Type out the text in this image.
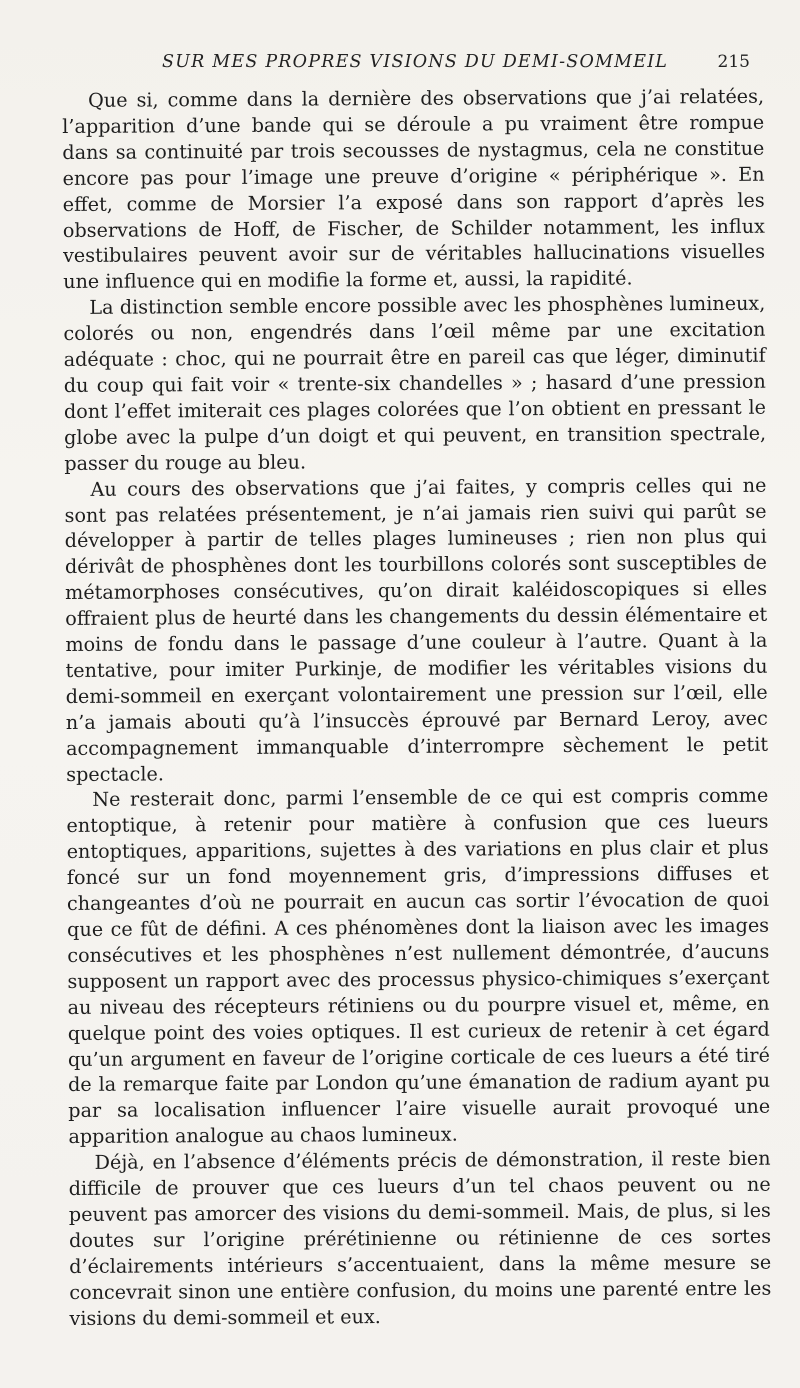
SUR MES PROPRES VISIONS DU DEMI-SOMMEIL	215

Que si, comme dans la dernière des observations que j’ai relatées, l’apparition d’une bande qui se déroule a pu vraiment être rompue dans sa continuité par trois secousses de nystagmus, cela ne constitue encore pas pour l’image une preuve d’origine « périphérique ». En effet, comme de Morsier l’a exposé dans son rapport d’après les observations de Hoff, de Fischer, de Schilder notamment, les influx vestibulaires peuvent avoir sur de véritables hallucinations visuelles une influence qui en modifie la forme et, aussi, la rapidité.

La distinction semble encore possible avec les phosphènes lumineux, colorés ou non, engendrés dans l’œil même par une excitation adéquate : choc, qui ne pourrait être en pareil cas que léger, diminutif du coup qui fait voir « trente-six chandelles » ; hasard d’une pression dont l’effet imiterait ces plages colorées que l’on obtient en pressant le globe avec la pulpe d’un doigt et qui peuvent, en transition spectrale, passer du rouge au bleu.

Au cours des observations que j’ai faites, y compris celles qui ne sont pas relatées présentement, je n’ai jamais rien suivi qui parût se développer à partir de telles plages lumineuses ; rien non plus qui dérivât de phosphènes dont les tourbillons colorés sont susceptibles de métamorphoses consécutives, qu’on dirait kaléidoscopiques si elles offraient plus de heurté dans les changements du dessin élémentaire et moins de fondu dans le passage d’une couleur à l’autre. Quant à la tentative, pour imiter Purkinje, de modifier les véritables visions du demi-sommeil en exerçant volontairement une pression sur l’œil, elle n’a jamais abouti qu’à l’insuccès éprouvé par Bernard Leroy, avec accompagnement immanquable d’interrompre sèchement le petit spectacle.

Ne resterait donc, parmi l’ensemble de ce qui est compris comme entoptique, à retenir pour matière à confusion que ces lueurs entoptiques, apparitions, sujettes à des variations en plus clair et plus foncé sur un fond moyennement gris, d’impressions diffuses et changeantes d’où ne pourrait en aucun cas sortir l’évocation de quoi que ce fût de défini. A ces phénomènes dont la liaison avec les images consécutives et les phosphènes n’est nullement démontrée, d’aucuns supposent un rapport avec des processus physico-chimiques s’exerçant au niveau des récepteurs rétiniens ou du pourpre visuel et, même, en quelque point des voies optiques. Il est curieux de retenir à cet égard qu’un argument en faveur de l’origine corticale de ces lueurs a été tiré de la remarque faite par London qu’une émanation de radium ayant pu par sa localisation influencer l’aire visuelle aurait provoqué une apparition analogue au chaos lumineux.

Déjà, en l’absence d’éléments précis de démonstration, il reste bien difficile de prouver que ces lueurs d’un tel chaos peuvent ou ne peuvent pas amorcer des visions du demi-sommeil. Mais, de plus, si les doutes sur l’origine prérétinienne ou rétinienne de ces sortes d’éclairements intérieurs s’accentuaient, dans la même mesure se concevrait sinon une entière confusion, du moins une parenté entre les visions du demi-sommeil et eux.
